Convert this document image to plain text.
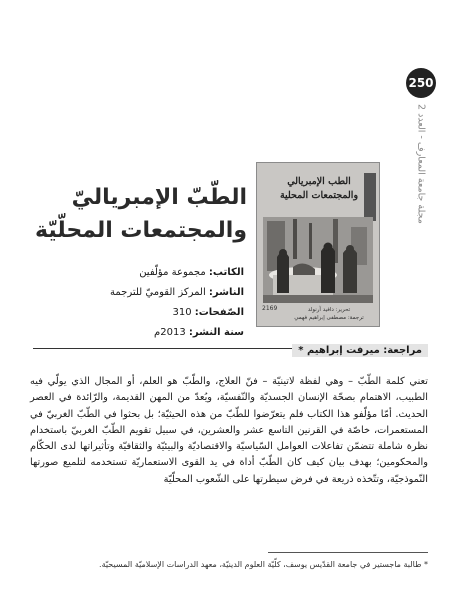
250
مجلة جامعة المعارف - العدد 2
الطب الإمبريالي والمجتمعات المحلية
2169	تحرير: دافيد آرنولد
ترجمة: مصطفى إبراهيم فهمي
الطّبّ الإمبرياليّ
والمجتمعات المحلّيّة
الكاتب: مجموعة مؤلّفين
الناشر: المركز القوميّ للترجمة
الصّفحات: 310
سنة النشر: 2013م
مراجعة: ميرفت إبراهيم *

تعني كلمة الطّبّ – وهي لفظة لاتينيّة – فنّ العلاج، والطّبّ هو العلم، أو المجال الذي يولّي فيه الطبيب، الاهتمام بصحّة الإنسان الجسديّة والنّفسيّة، ويُعدّ من المهن القديمة، والرّائدة في العصر الحديث. أمّا مؤلّفو هذا الكتاب فلم يتعرّضوا للطّبّ من هذه الحيثيّة؛ بل بحثوا في الطّبّ الغربيّ في المستعمرات، خاصّة في القرنين التاسع عشر والعشرين، في سبيل تقويم الطّبّ الغربيّ باستخدام نظرة شاملة تتضمّن تفاعلات العوامل السّياسيّة والاقتصاديّة والبيئيّة والثقافيّة وتأثيراتها لدى الحكّام والمحكومين؛ بهدف بيان كيف كان الطّبّ أداة في يد القوى الاستعماريّة تستخدمه لتلميع صورتها النّموذجيّة، وتتّخذه ذريعة في فرض سيطرتها على الشّعوب المحلّيّة

* طالبة ماجستير في جامعة القدّيس يوسف، كلّيّة العلوم الدينيّة، معهد الدراسات الإسلاميّة المسيحيّة.
